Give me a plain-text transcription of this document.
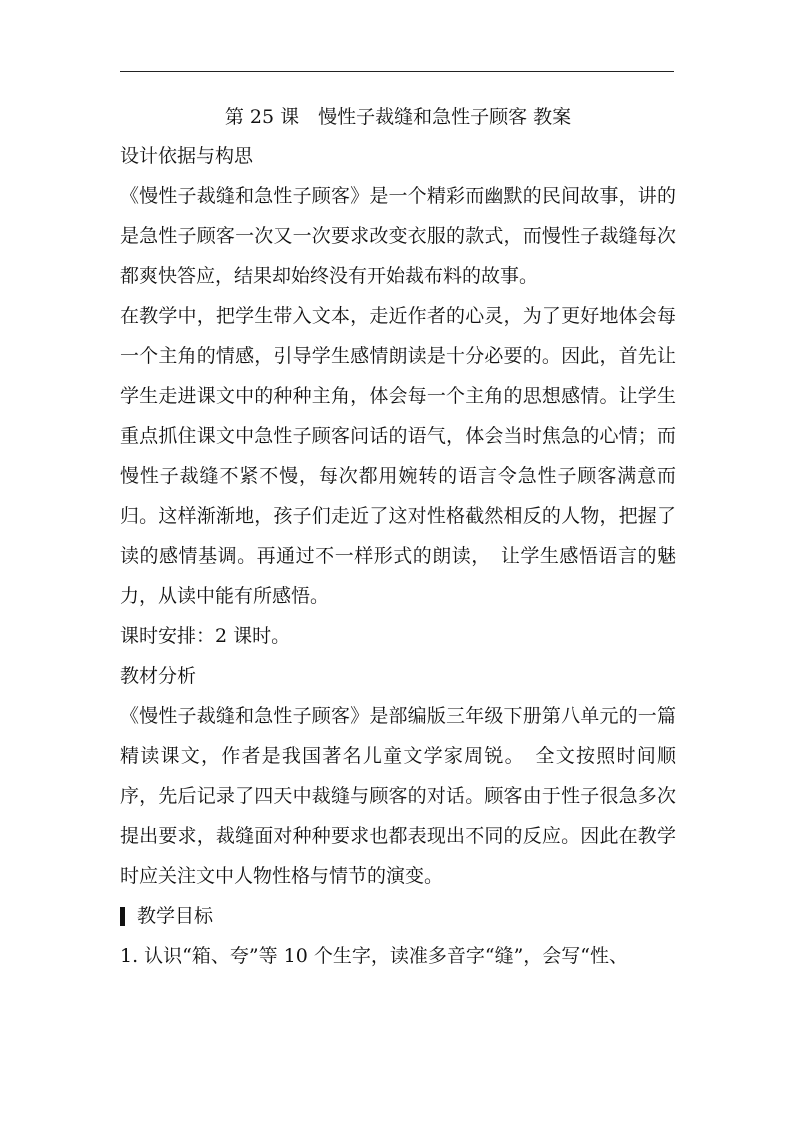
第 25 课　慢性子裁缝和急性子顾客 教案
设计依据与构思

《慢性子裁缝和急性子顾客》是一个精彩而幽默的民间故事，讲的是急性子顾客一次又一次要求改变衣服的款式，而慢性子裁缝每次都爽快答应，结果却始终没有开始裁布料的故事。

在教学中，把学生带入文本，走近作者的心灵，为了更好地体会每一个主角的情感，引导学生感情朗读是十分必要的。因此，首先让学生走进课文中的种种主角，体会每一个主角的思想感情。让学生重点抓住课文中急性子顾客问话的语气，体会当时焦急的心情；而慢性子裁缝不紧不慢，每次都用婉转的语言令急性子顾客满意而归。这样渐渐地，孩子们走近了这对性格截然相反的人物，把握了读的感情基调。再通过不一样形式的朗读，　让学生感悟语言的魅力，从读中能有所感悟。

课时安排：2 课时。
教材分析

《慢性子裁缝和急性子顾客》是部编版三年级下册第八单元的一篇精读课文，作者是我国著名儿童文学家周锐。　全文按照时间顺序，先后记录了四天中裁缝与顾客的对话。顾客由于性子很急多次提出要求，裁缝面对种种要求也都表现出不同的反应。因此在教学时应关注文中人物性格与情节的演变。

教学目标
1. 认识“箱、夸”等 10 个生字，读准多音字“缝”，会写“性、
